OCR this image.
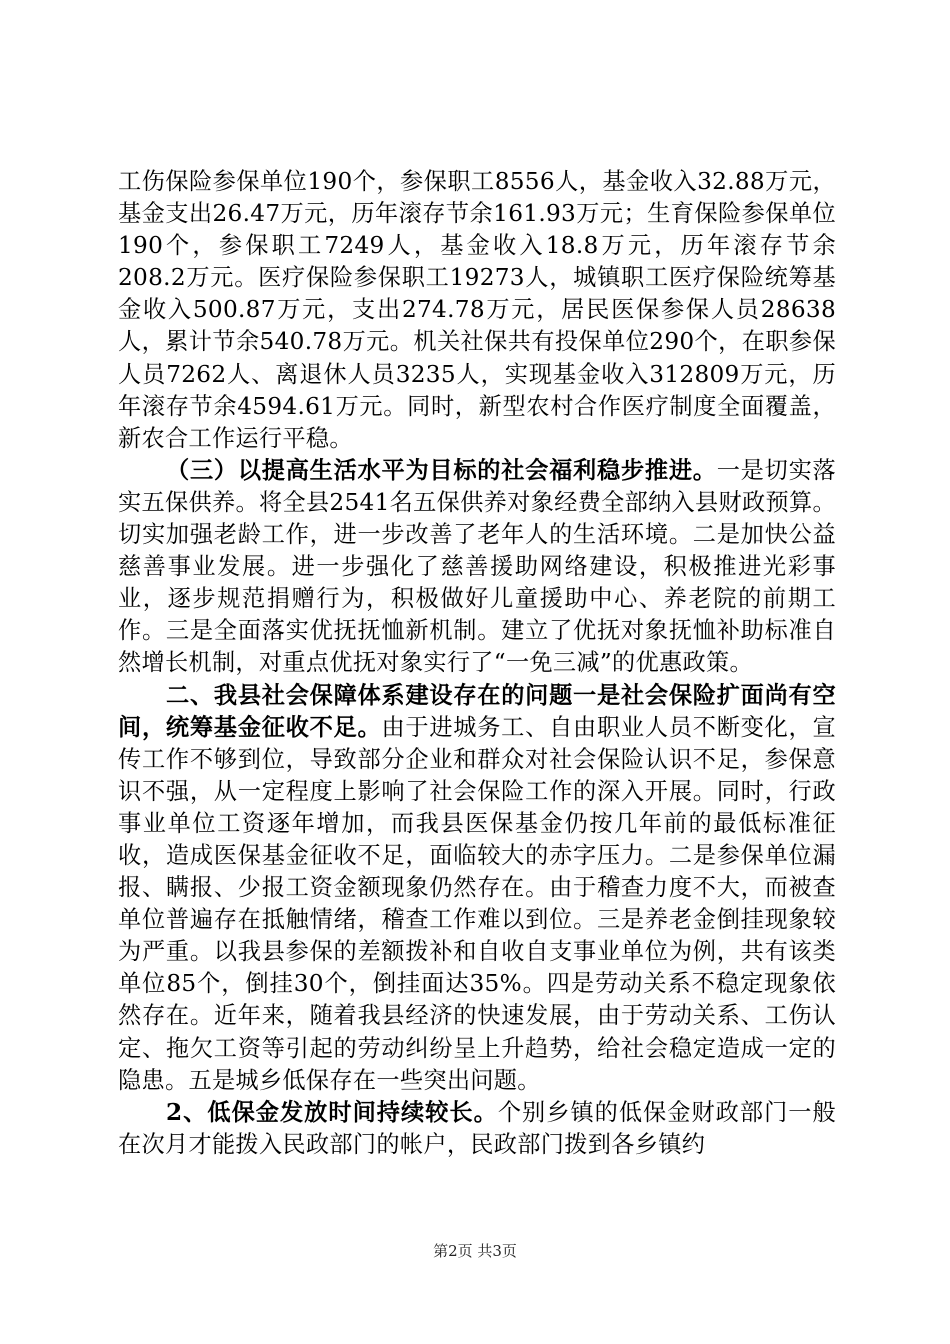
工伤保险参保单位190个，参保职工8556人，基金收入32.88万元，基金支出26.47万元，历年滚存节余161.93万元；生育保险参保单位190个，参保职工7249人，基金收入18.8万元，历年滚存节余208.2万元。医疗保险参保职工19273人，城镇职工医疗保险统筹基金收入500.87万元，支出274.78万元，居民医保参保人员28638人，累计节余540.78万元。机关社保共有投保单位290个，在职参保人员7262人、离退休人员3235人，实现基金收入312809万元，历年滚存节余4594.61万元。同时，新型农村合作医疗制度全面覆盖，新农合工作运行平稳。

（三）以提高生活水平为目标的社会福利稳步推进。一是切实落实五保供养。将全县2541名五保供养对象经费全部纳入县财政预算。切实加强老龄工作，进一步改善了老年人的生活环境。二是加快公益慈善事业发展。进一步强化了慈善援助网络建设，积极推进光彩事业，逐步规范捐赠行为，积极做好儿童援助中心、养老院的前期工作。三是全面落实优抚抚恤新机制。建立了优抚对象抚恤补助标准自然增长机制，对重点优抚对象实行了“一免三减”的优惠政策。

二、我县社会保障体系建设存在的问题一是社会保险扩面尚有空间，统筹基金征收不足。由于进城务工、自由职业人员不断变化，宣传工作不够到位，导致部分企业和群众对社会保险认识不足，参保意识不强，从一定程度上影响了社会保险工作的深入开展。同时，行政事业单位工资逐年增加，而我县医保基金仍按几年前的最低标准征收，造成医保基金征收不足，面临较大的赤字压力。二是参保单位漏报、瞒报、少报工资金额现象仍然存在。由于稽查力度不大，而被查单位普遍存在抵触情绪，稽查工作难以到位。三是养老金倒挂现象较为严重。以我县参保的差额拨补和自收自支事业单位为例，共有该类单位85个，倒挂30个，倒挂面达35%。四是劳动关系不稳定现象依然存在。近年来，随着我县经济的快速发展，由于劳动关系、工伤认定、拖欠工资等引起的劳动纠纷呈上升趋势，给社会稳定造成一定的隐患。五是城乡低保存在一些突出问题。

2、低保金发放时间持续较长。个别乡镇的低保金财政部门一般在次月才能拨入民政部门的帐户，民政部门拨到各乡镇约

第2页 共3页
